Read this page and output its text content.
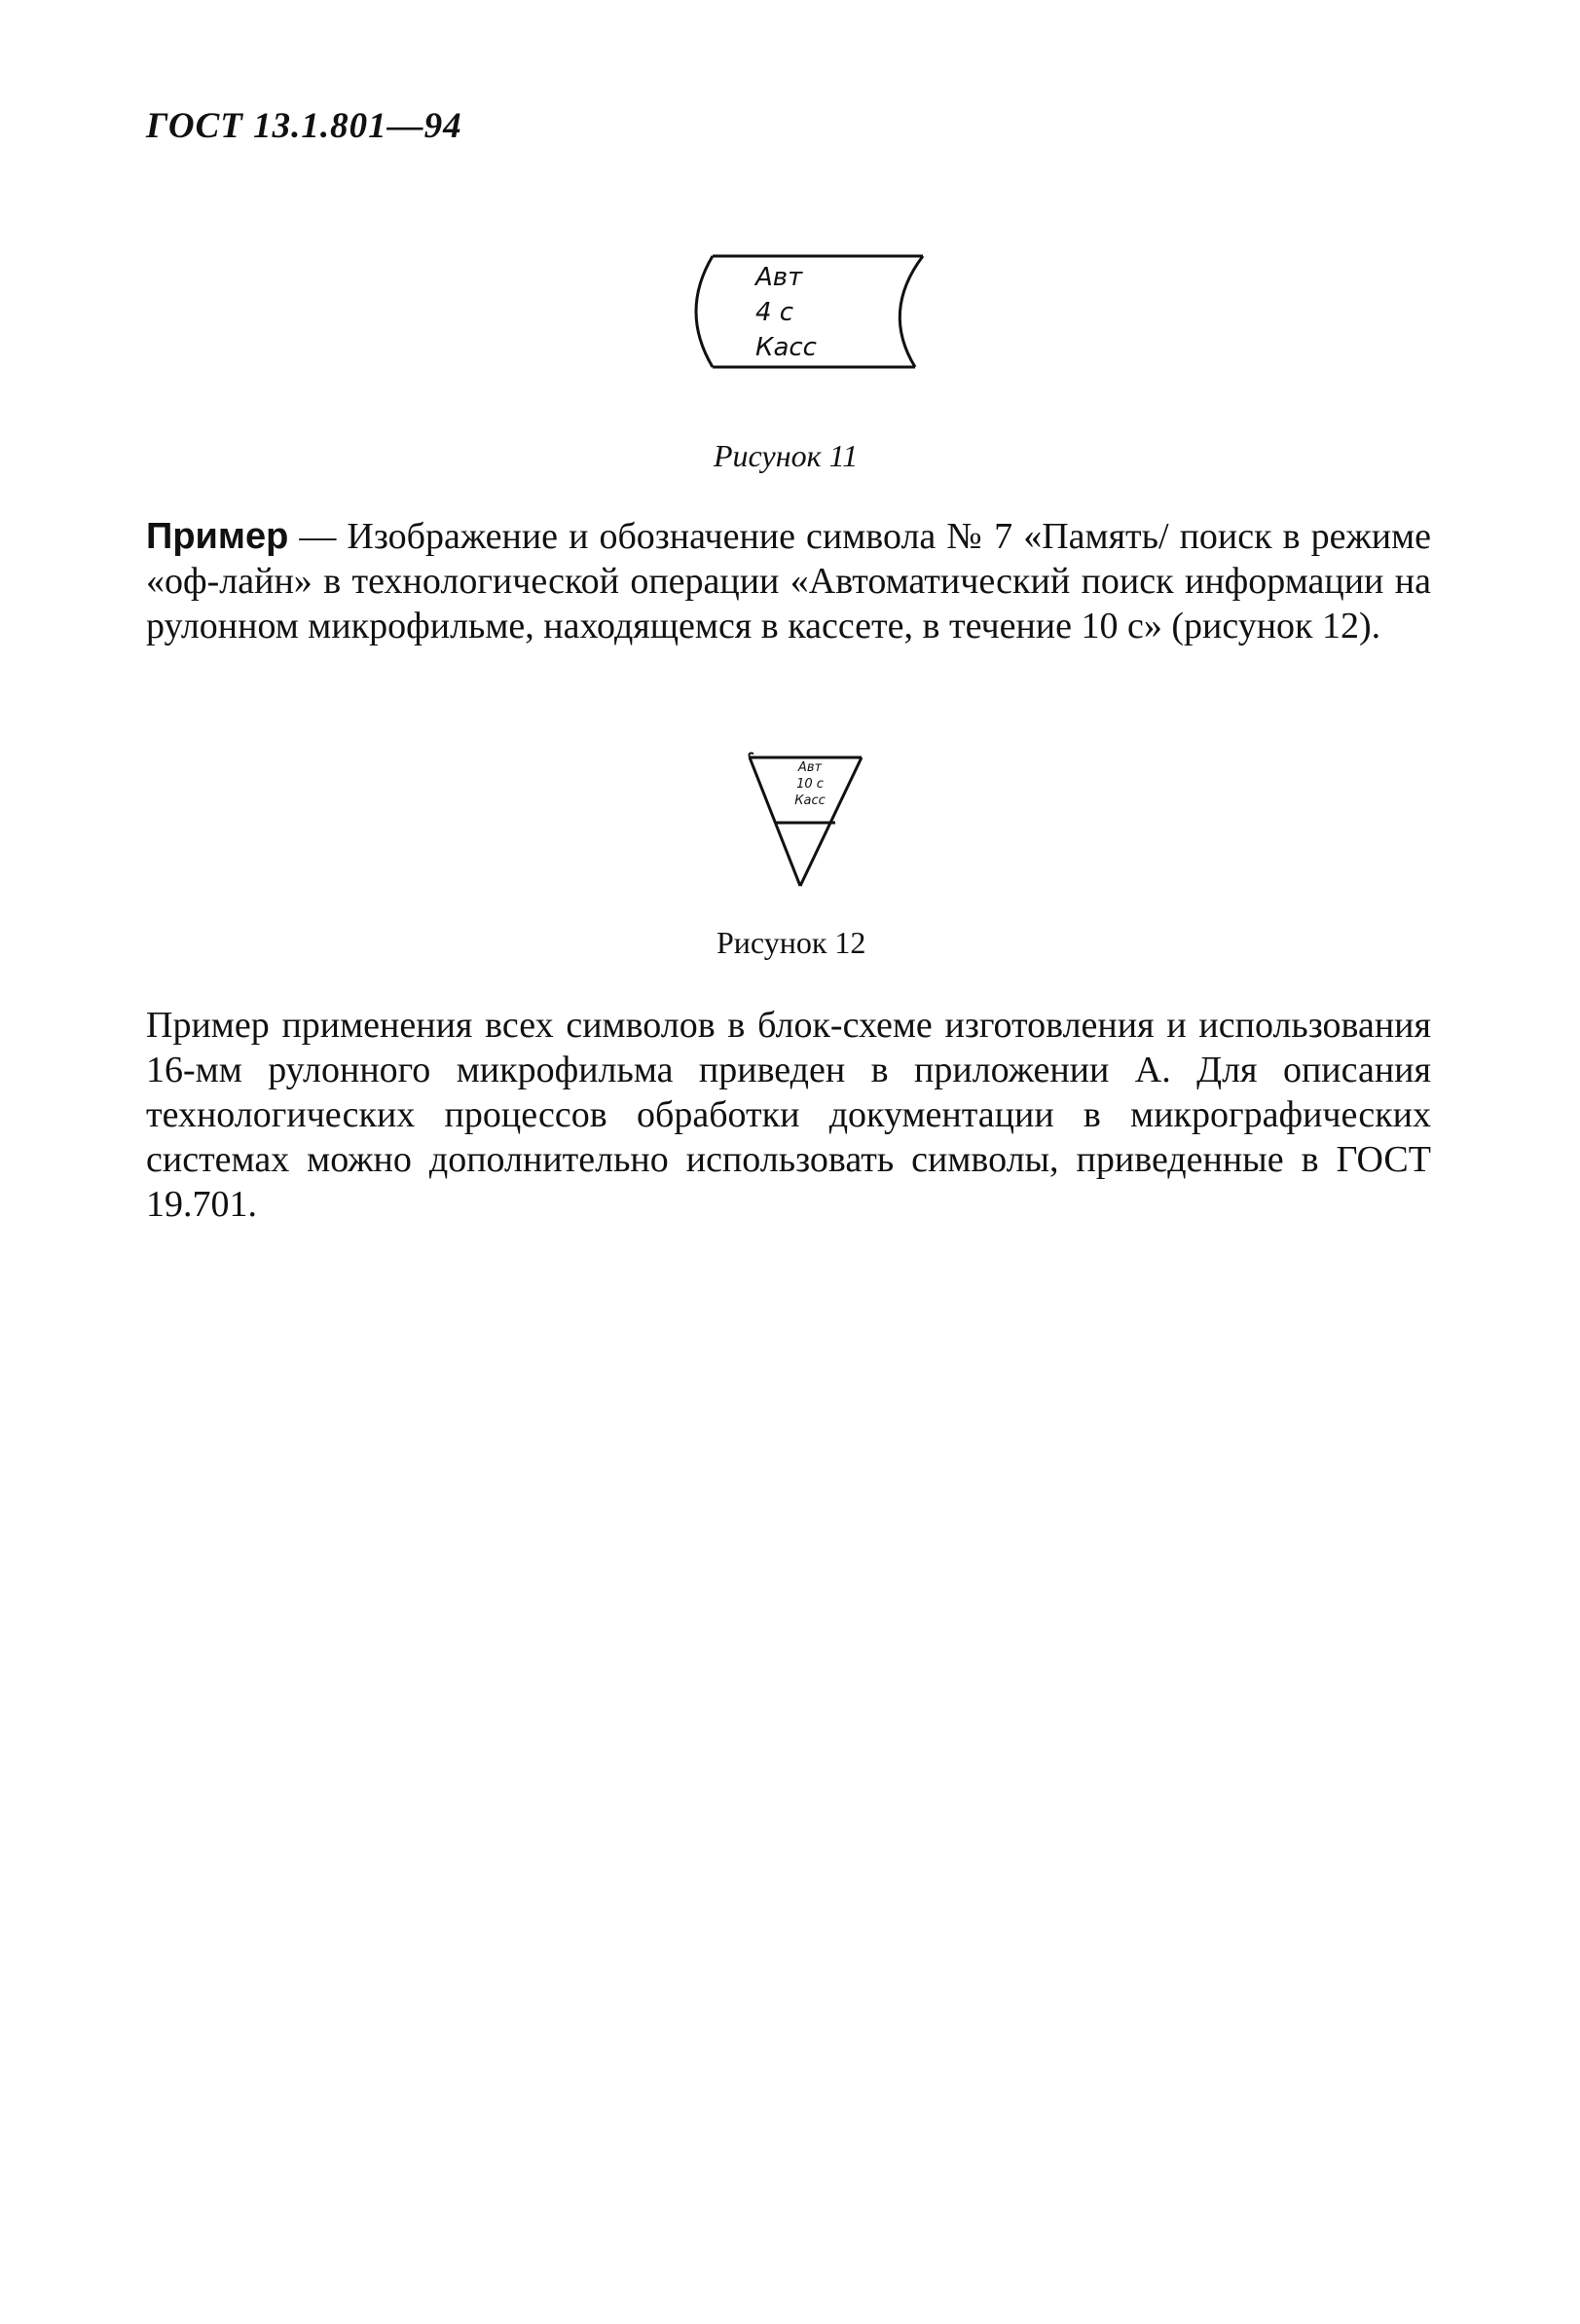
ГОСТ 13.1.801—94
Авт
4 с
Касс
Рисунок 11
Пример — Изображение и обозначение символа № 7 «Память/ поиск в режиме «оф-лайн» в технологической операции «Автоматический поиск информации на рулонном микрофильме, находящемся в кассете, в течение 10 с» (рисунок 12).
Авт
10 с
Касс
Рисунок 12
Пример применения всех символов в блок-схеме изготовления и использования 16-мм рулонного микрофильма приведен в приложении А. Для описания технологических процессов обработки документации в микрографических системах можно дополнительно использовать символы, приведенные в ГОСТ 19.701.
